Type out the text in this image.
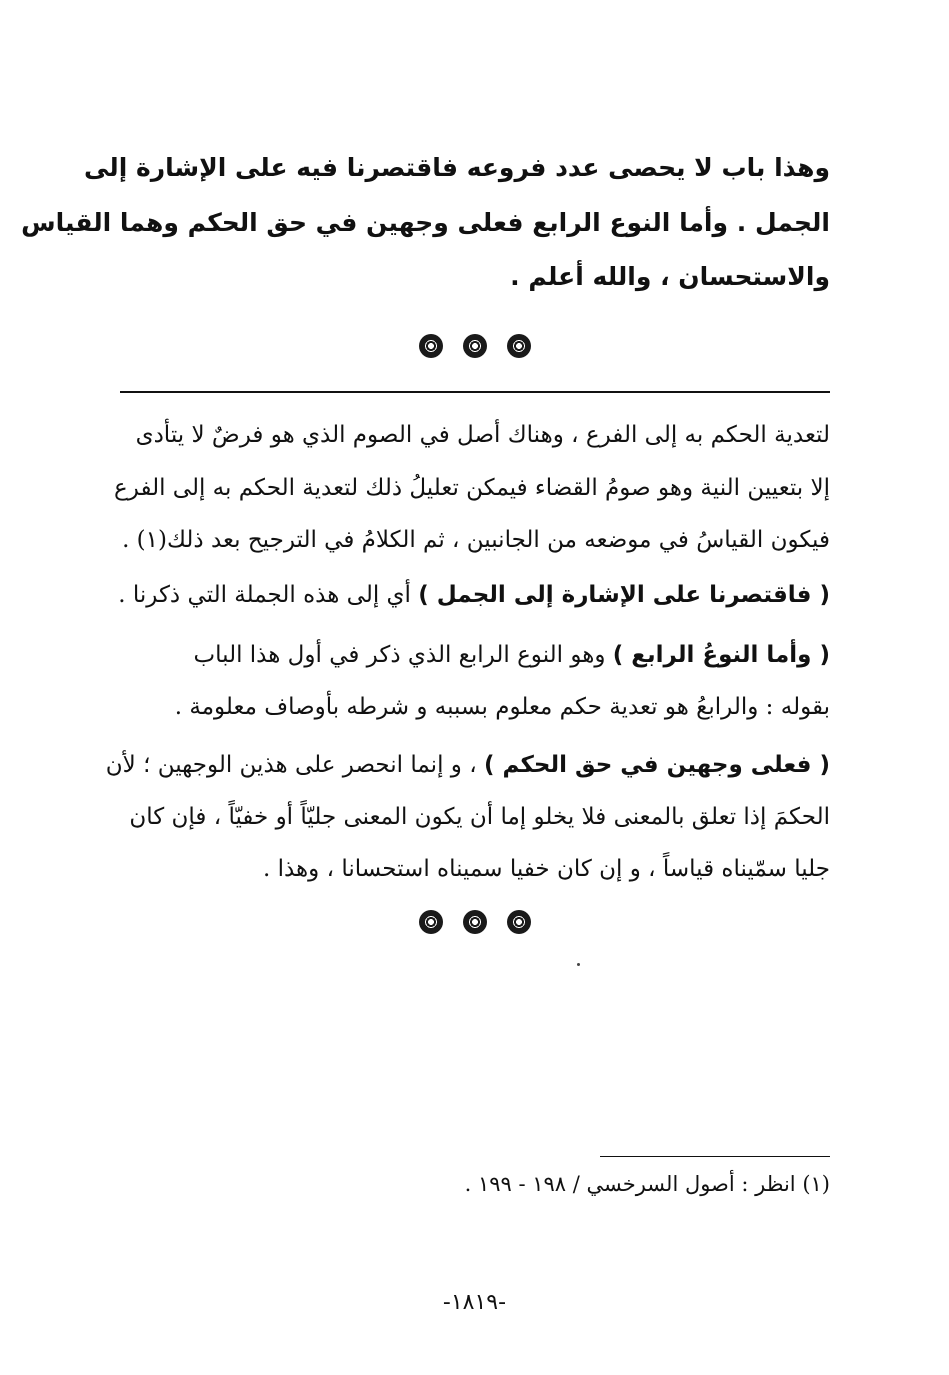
وهذا باب لا يحصى عدد فروعه فاقتصرنا فيه على الإشارة إلى
الجمل . وأما النوع الرابع فعلى وجهين في حق الحكم وهما القياس
والاستحسان ، والله أعلم .
لتعدية الحكم به إلى الفرع ، وهناك أصل في الصوم الذي هو فرضٌ لا يتأدى
إلا بتعيين النية وهو صومُ القضاء فيمكن تعليلُ ذلك لتعدية الحكم به إلى الفرع
فيكون القياسُ في موضعه من الجانبين ، ثم الكلامُ في الترجيح بعد ذلك(١) .
( فاقتصرنا على الإشارة إلى الجمل ) أي إلى هذه الجملة التي ذكرنا .
( وأما النوعُ الرابع ) وهو النوع الرابع الذي ذكر في أول هذا الباب
بقوله : والرابعُ هو تعدية حكم معلوم بسببه و شرطه بأوصاف معلومة .
( فعلى وجهين في حق الحكم ) ، و إنما انحصر على هذين الوجهين ؛ لأن
الحكمَ إذا تعلق بالمعنى فلا يخلو إما أن يكون المعنى جليّاً أو خفيّاً ، فإن كان
جليا سمّيناه قياساً ، و إن كان خفيا سميناه استحسانا ، وهذا .
(١) انظر : أصول السرخسي / ١٩٨ - ١٩٩ .
-١٨١٩-
